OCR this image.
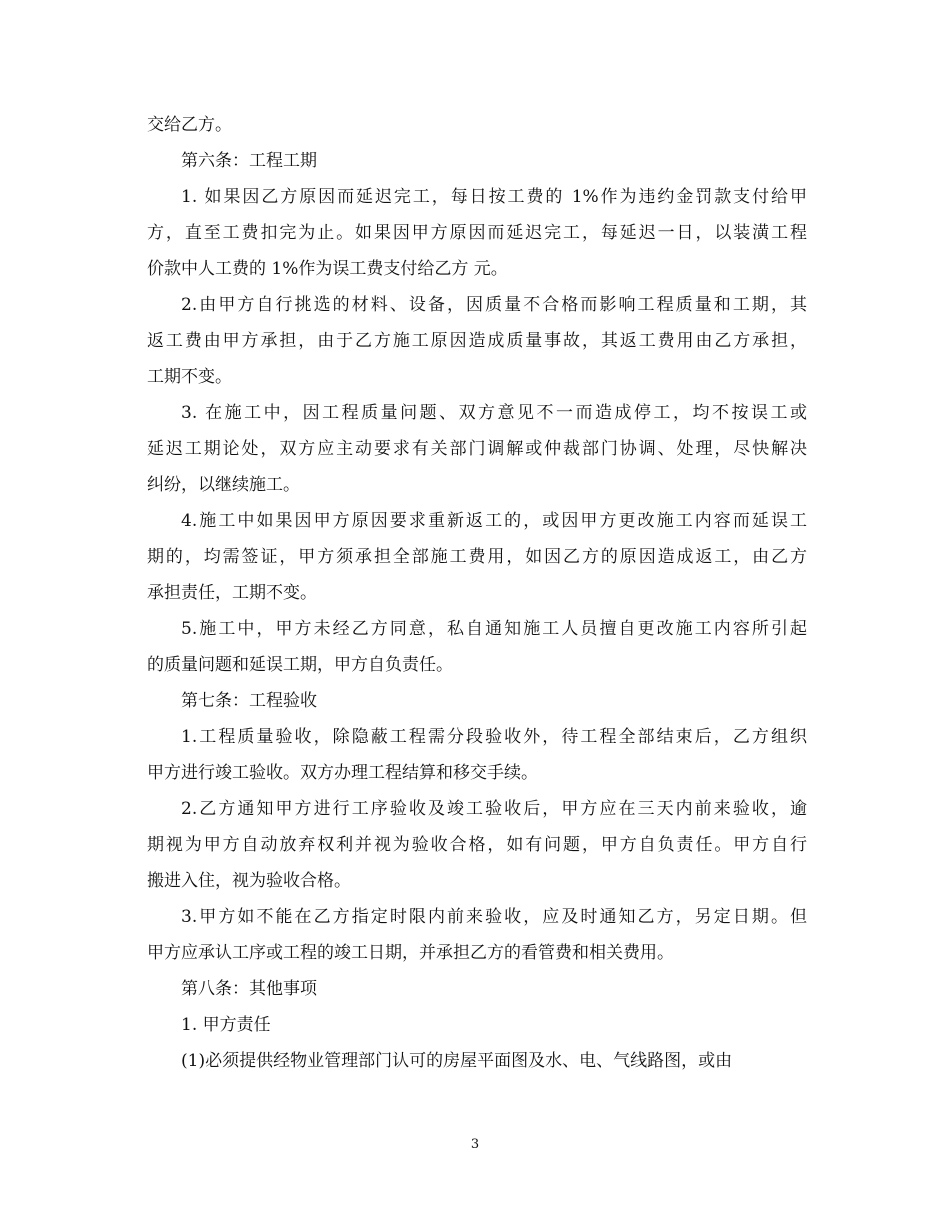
交给乙方。

第六条：工程工期

1. 如果因乙方原因而延迟完工，每日按工费的 1%作为违约金罚款支付给甲

方，直至工费扣完为止。如果因甲方原因而延迟完工，每延迟一日，以装潢工程

价款中人工费的 1%作为误工费支付给乙方 元。

2.由甲方自行挑选的材料、设备，因质量不合格而影响工程质量和工期，其

返工费由甲方承担，由于乙方施工原因造成质量事故，其返工费用由乙方承担，

工期不变。

3. 在施工中，因工程质量问题、双方意见不一而造成停工，均不按误工或

延迟工期论处，双方应主动要求有关部门调解或仲裁部门协调、处理，尽快解决

纠纷，以继续施工。

4.施工中如果因甲方原因要求重新返工的，或因甲方更改施工内容而延误工

期的，均需签证，甲方须承担全部施工费用，如因乙方的原因造成返工，由乙方

承担责任，工期不变。

5.施工中，甲方未经乙方同意，私自通知施工人员擅自更改施工内容所引起

的质量问题和延误工期，甲方自负责任。

第七条：工程验收

1.工程质量验收，除隐蔽工程需分段验收外，待工程全部结束后，乙方组织

甲方进行竣工验收。双方办理工程结算和移交手续。

2.乙方通知甲方进行工序验收及竣工验收后，甲方应在三天内前来验收，逾

期视为甲方自动放弃权利并视为验收合格，如有问题，甲方自负责任。甲方自行

搬进入住，视为验收合格。

3.甲方如不能在乙方指定时限内前来验收，应及时通知乙方，另定日期。但

甲方应承认工序或工程的竣工日期，并承担乙方的看管费和相关费用。

第八条：其他事项

1. 甲方责任

(1)必须提供经物业管理部门认可的房屋平面图及水、电、气线路图，或由

3
